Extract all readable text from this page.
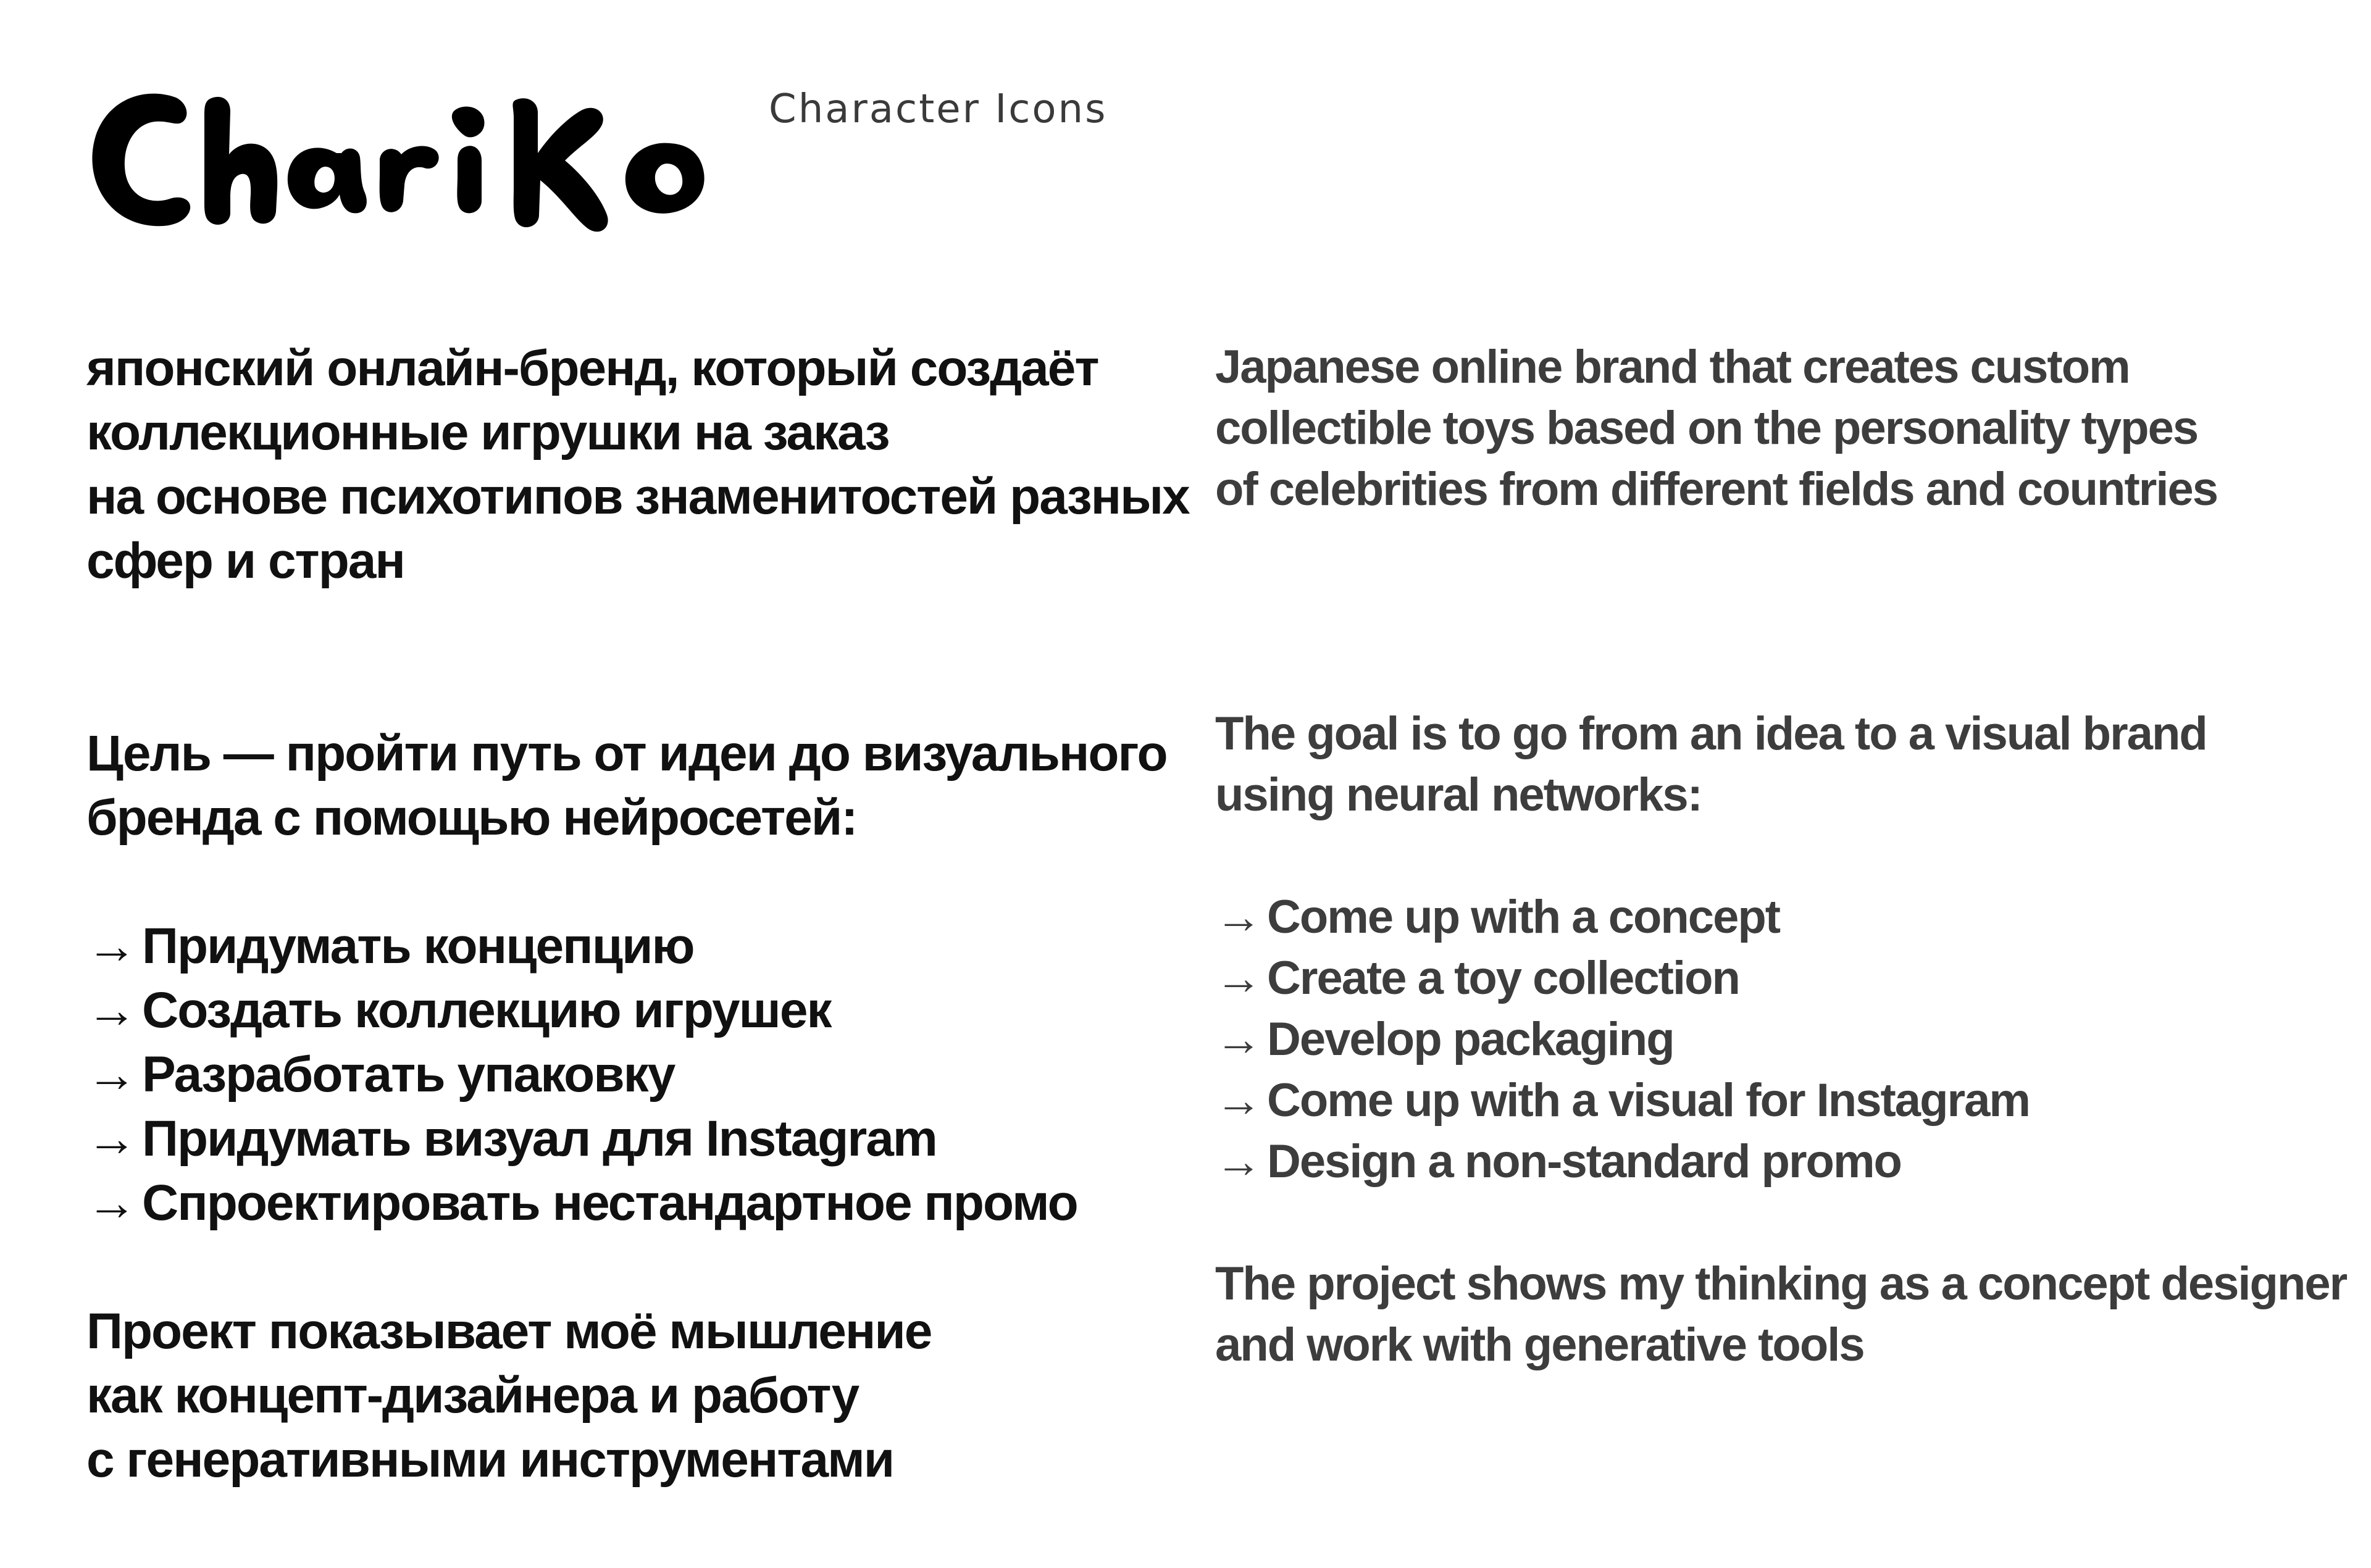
Chariko
Character Icons

японский онлайн-бренд, который создаёт

коллекционные игрушки на заказ

на основе психотипов знаменитостей разных

сфер и стран

Цель — пройти путь от идеи до визуального

бренда с помощью нейросетей:

→ Придумать концепцию
→ Создать коллекцию игрушек
→ Разработать упаковку
→ Придумать визуал для Instagram
→ Спроектировать нестандартное промо

Проект показывает моё мышление

как концепт-дизайнера и работу

с генеративными инструментами

Japanese online brand that creates custom

collectible toys based on the personality types

of celebrities from different fields and countries

The goal is to go from an idea to a visual brand

using neural networks:

→ Come up with a concept
→ Create a toy collection
→ Develop packaging
→ Come up with a visual for Instagram
→ Design a non-standard promo

The project shows my thinking as a concept designer

and work with generative tools
